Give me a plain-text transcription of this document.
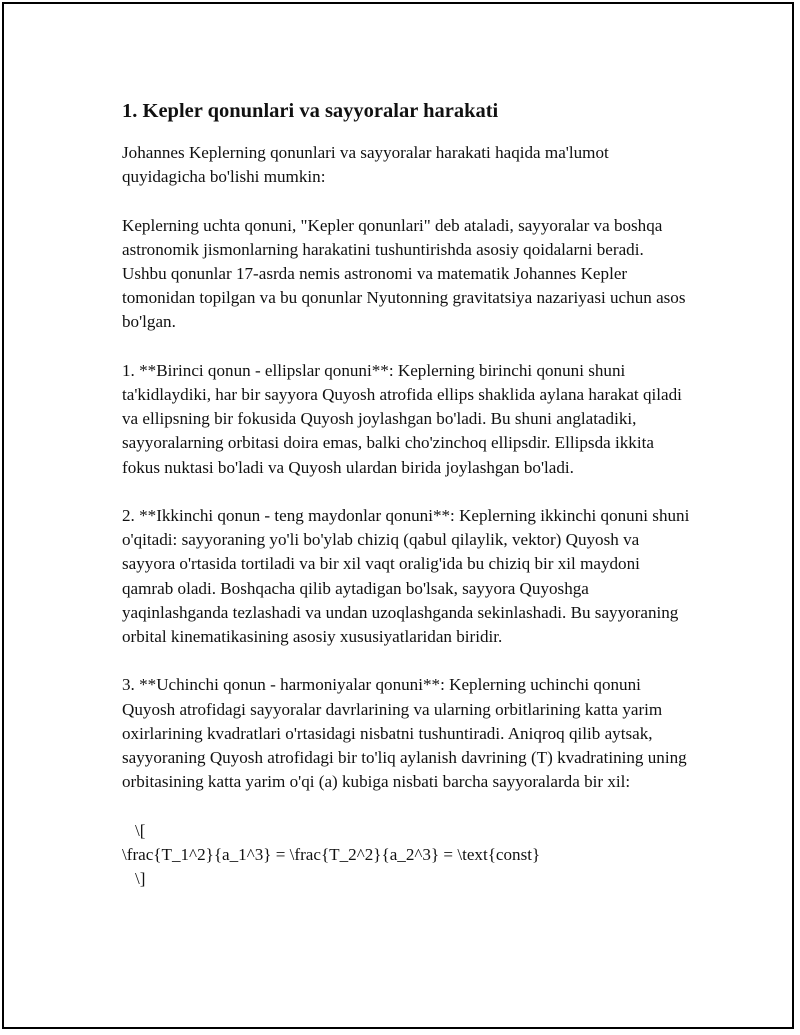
1. Kepler qonunlari va sayyoralar harakati

Johannes Keplerning qonunlari va sayyoralar harakati haqida ma'lumot quyidagicha bo'lishi mumkin:

Keplerning uchta qonuni, "Kepler qonunlari" deb ataladi, sayyoralar va boshqa astronomik jismonlarning harakatini tushuntirishda asosiy qoidalarni beradi. Ushbu qonunlar 17-asrda nemis astronomi va matematik Johannes Kepler tomonidan topilgan va bu qonunlar Nyutonning gravitatsiya nazariyasi uchun asos bo'lgan.

1. **Birinci qonun - ellipslar qonuni**: Keplerning birinchi qonuni shuni ta'kidlaydiki, har bir sayyora Quyosh atrofida ellips shaklida aylana harakat qiladi va ellipsning bir fokusida Quyosh joylashgan bo'ladi. Bu shuni anglatadiki, sayyoralarning orbitasi doira emas, balki cho'zinchoq ellipsdir. Ellipsda ikkita fokus nuktasi bo'ladi va Quyosh ulardan birida joylashgan bo'ladi.

2. **Ikkinchi qonun - teng maydonlar qonuni**: Keplerning ikkinchi qonuni shuni o'qitadi: sayyoraning yo'li bo'ylab chiziq (qabul qilaylik, vektor) Quyosh va sayyora o'rtasida tortiladi va bir xil vaqt oralig'ida bu chiziq bir xil maydoni qamrab oladi. Boshqacha qilib aytadigan bo'lsak, sayyora Quyoshga yaqinlashganda tezlashadi va undan uzoqlashganda sekinlashadi. Bu sayyoraning orbital kinematikasining asosiy xususiyatlaridan biridir.

3. **Uchinchi qonun - harmoniyalar qonuni**: Keplerning uchinchi qonuni Quyosh atrofidagi sayyoralar davrlarining va ularning orbitlarining katta yarim oxirlarining kvadratlari o'rtasidagi nisbatni tushuntiradi. Aniqroq qilib aytsak, sayyoraning Quyosh atrofidagi bir to'liq aylanish davrining (T) kvadratining uning orbitasining katta yarim o'qi (a) kubiga nisbati barcha sayyoralarda bir xil:

\[
\frac{T_1^2}{a_1^3} = \frac{T_2^2}{a_2^3} = \text{const}
\]
